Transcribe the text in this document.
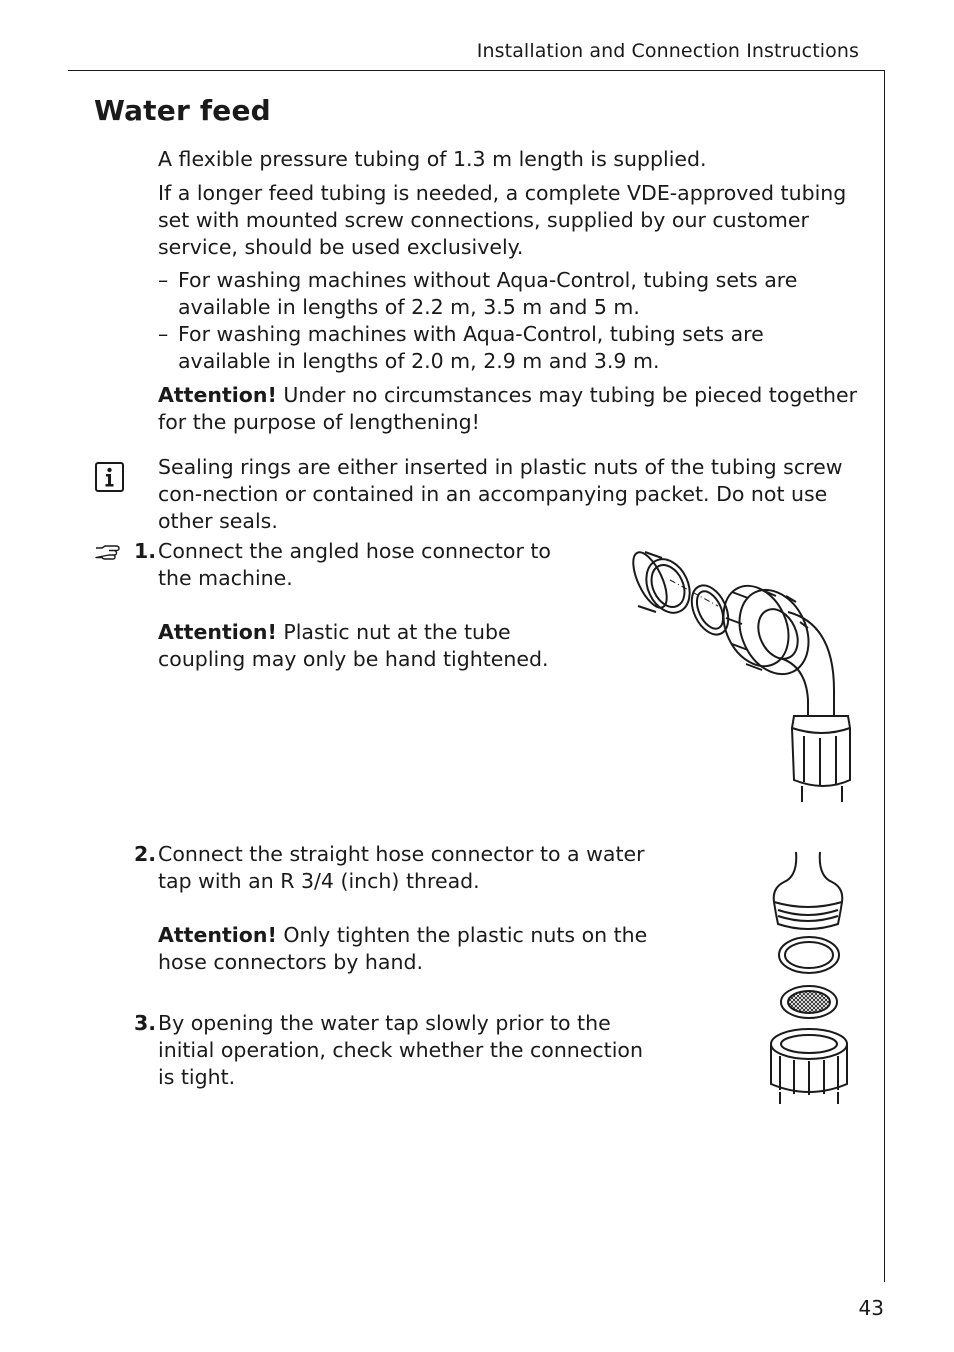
Installation and Connection Instructions
Water feed
A flexible pressure tubing of 1.3 m length is supplied.
If a longer feed tubing is needed, a complete VDE-approved tubing set with mounted screw connections, supplied by our customer service, should be used exclusively.
– For washing machines without Aqua-Control, tubing sets are available in lengths of 2.2 m, 3.5 m and 5 m.
– For washing machines with Aqua-Control, tubing sets are available in lengths of 2.0 m, 2.9 m and 3.9 m.
Attention! Under no circumstances may tubing be pieced together for the purpose of lengthening!
Sealing rings are either inserted in plastic nuts of the tubing screw con-nection or contained in an accompanying packet. Do not use other seals.
1. Connect the angled hose connector to the machine.
Attention! Plastic nut at the tube coupling may only be hand tightened.
2. Connect the straight hose connector to a water tap with an R 3/4 (inch) thread.
Attention! Only tighten the plastic nuts on the hose connectors by hand.
3. By opening the water tap slowly prior to the initial operation, check whether the connection is tight.
43
